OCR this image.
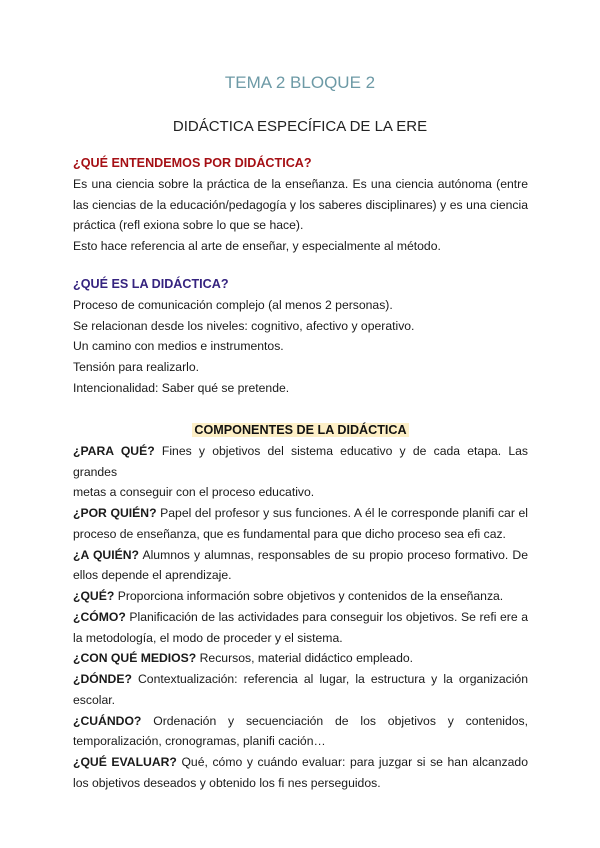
TEMA 2 BLOQUE 2
DIDÁCTICA ESPECÍFICA DE LA ERE
¿QUÉ ENTENDEMOS POR DIDÁCTICA?
Es una ciencia sobre la práctica de la enseñanza. Es una ciencia autónoma (entre
las ciencias de la educación/pedagogía y los saberes disciplinares) y es una ciencia
práctica (refl exiona sobre lo que se hace).
Esto hace referencia al arte de enseñar, y especialmente al método.
¿QUÉ ES LA DIDÁCTICA?
Proceso de comunicación complejo (al menos 2 personas).
Se relacionan desde los niveles: cognitivo, afectivo y operativo.
Un camino con medios e instrumentos.
Tensión para realizarlo.
Intencionalidad: Saber qué se pretende.
COMPONENTES DE LA DIDÁCTICA
¿PARA QUÉ? Fines y objetivos del sistema educativo y de cada etapa. Las grandes
metas a conseguir con el proceso educativo.
¿POR QUIÉN? Papel del profesor y sus funciones. A él le corresponde planifi car el
proceso de enseñanza, que es fundamental para que dicho proceso sea efi caz.
¿A QUIÉN? Alumnos y alumnas, responsables de su propio proceso formativo. De
ellos depende el aprendizaje.
¿QUÉ? Proporciona información sobre objetivos y contenidos de la enseñanza.
¿CÓMO? Planificación de las actividades para conseguir los objetivos. Se refi ere a
la metodología, el modo de proceder y el sistema.
¿CON QUÉ MEDIOS? Recursos, material didáctico empleado.
¿DÓNDE? Contextualización: referencia al lugar, la estructura y la organización
escolar.
¿CUÁNDO? Ordenación y secuenciación de los objetivos y contenidos,
temporalización, cronogramas, planifi cación…
¿QUÉ EVALUAR? Qué, cómo y cuándo evaluar: para juzgar si se han alcanzado
los objetivos deseados y obtenido los fi nes perseguidos.
